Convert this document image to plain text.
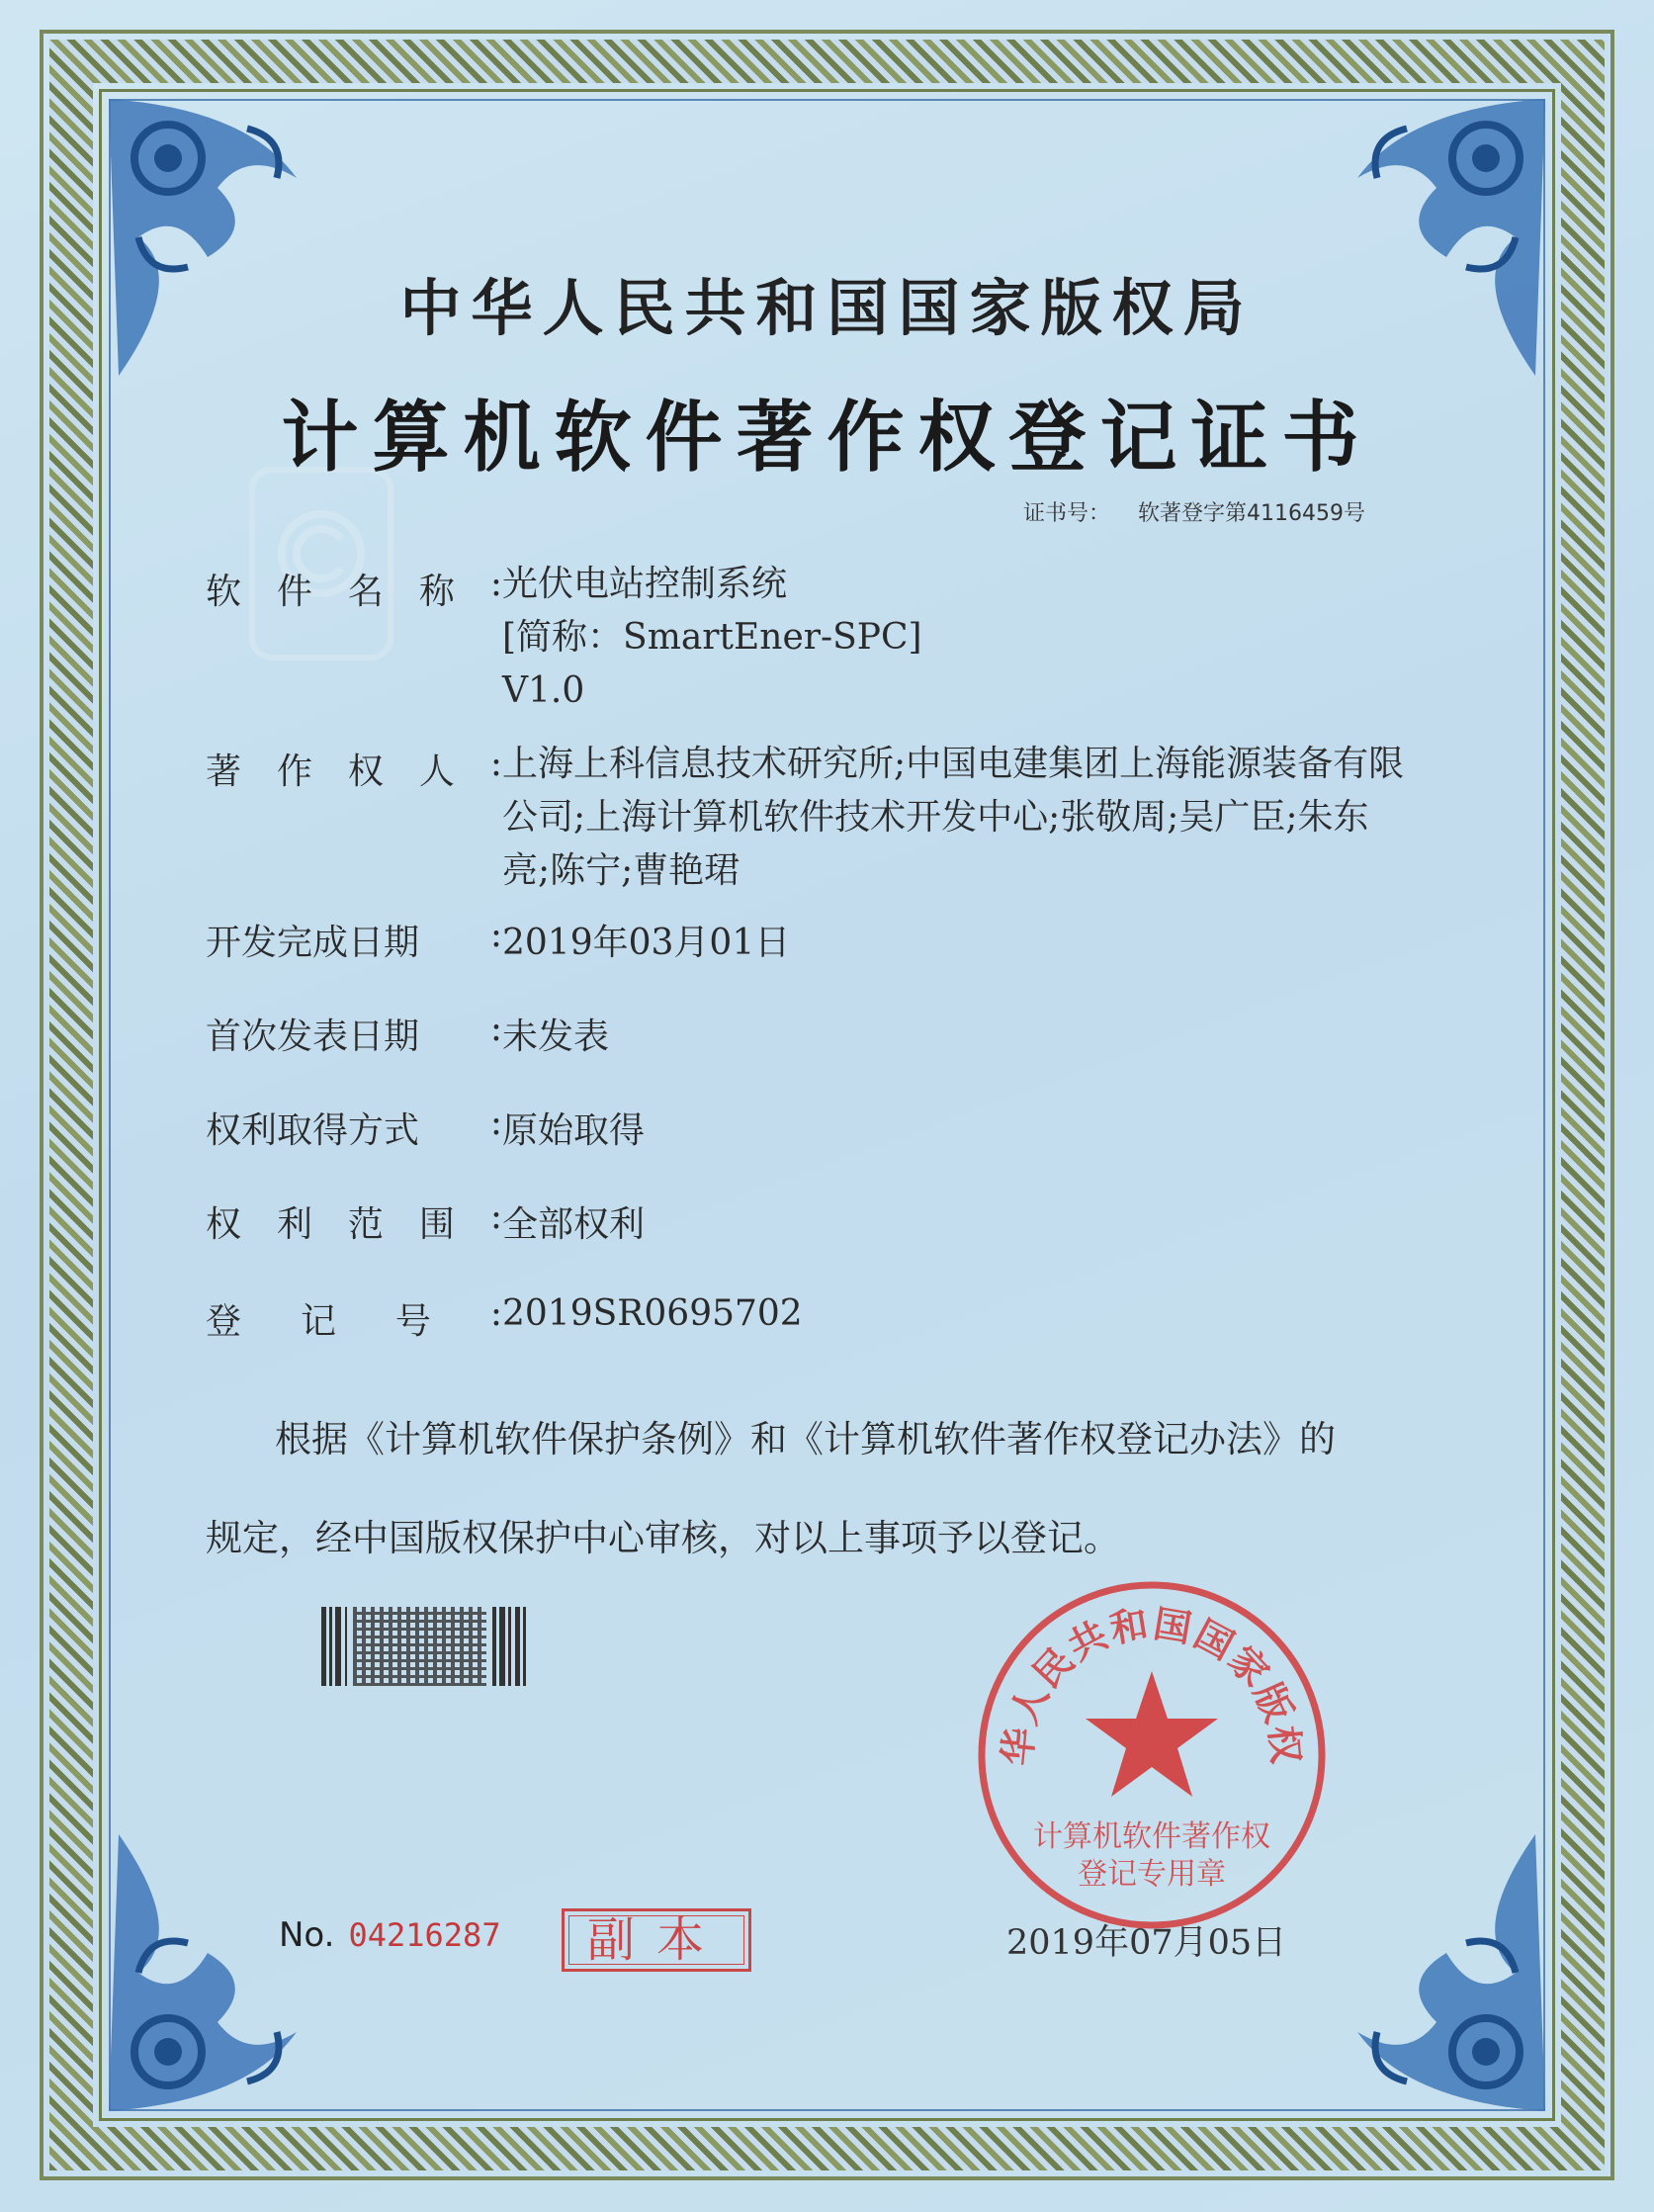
中华人民共和国国家版权局
计算机软件著作权登记证书
证书号： 软著登字第4116459号
软 件 名 称 : 光伏电站控制系统
[简称：SmartEner-SPC]
V1.0
著 作 权 人 : 上海上科信息技术研究所;中国电建集团上海能源装备有限
公司;上海计算机软件技术开发中心;张敬周;吴广臣;朱东
亮;陈宁;曹艳珺
开发完成日期 : 2019年03月01日
首次发表日期 : 未发表
权利取得方式 : 原始取得
权 利 范 围 : 全部权利
登 记 号 : 2019SR0695702
根据《计算机软件保护条例》和《计算机软件著作权登记办法》的
规定，经中国版权保护中心审核，对以上事项予以登记。
华人民共和国国家版权
计算机软件著作权
登记专用章
No. 04216287	副本	2019年07月05日
